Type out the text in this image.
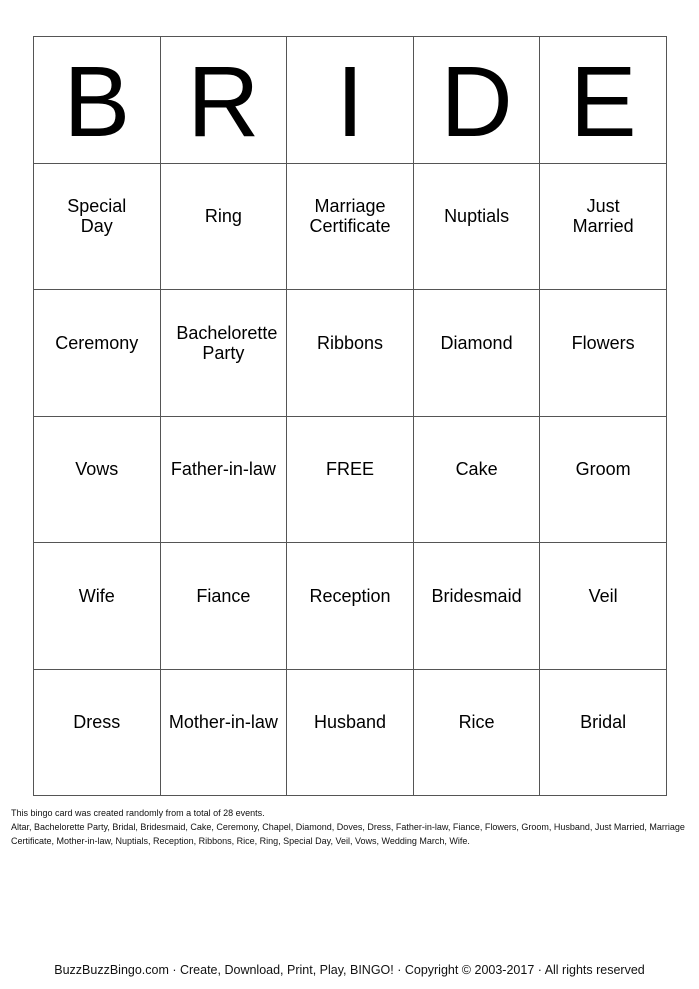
B	R	I	D	E
Special Day	Ring	Marriage Certificate	Nuptials	Just Married
Ceremony	Bachelorette Party	Ribbons	Diamond	Flowers
Vows	Father-in-law	FREE	Cake	Groom
Wife	Fiance	Reception	Bridesmaid	Veil
Dress	Mother-in-law	Husband	Rice	Bridal
This bingo card was created randomly from a total of 28 events.
Altar, Bachelorette Party, Bridal, Bridesmaid, Cake, Ceremony, Chapel, Diamond, Doves, Dress, Father-in-law, Fiance, Flowers, Groom, Husband, Just Married, Marriage Certificate, Mother-in-law, Nuptials, Reception, Ribbons, Rice, Ring, Special Day, Veil, Vows, Wedding March, Wife.
BuzzBuzzBingo.com · Create, Download, Print, Play, BINGO! · Copyright © 2003-2017 · All rights reserved
